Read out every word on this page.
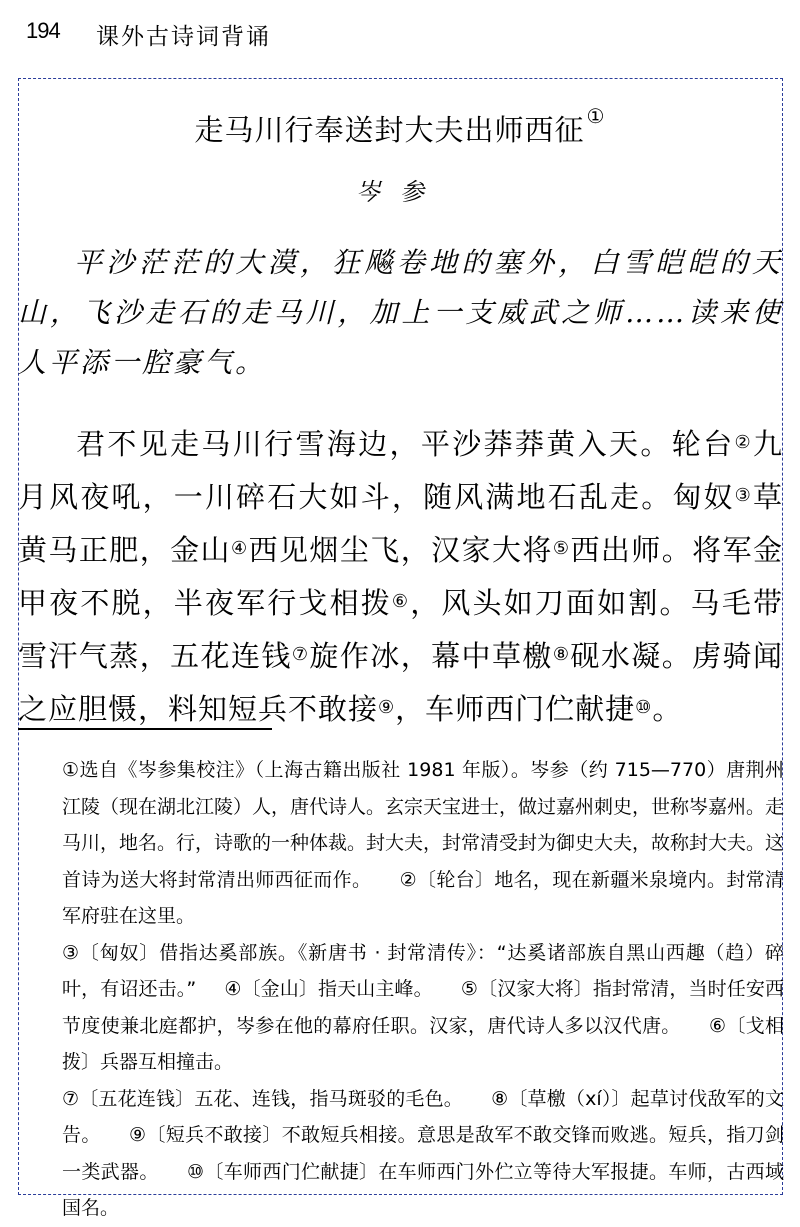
194 课外古诗词背诵
走马川行奉送封大夫出师西征 ①
岑参

平沙茫茫的大漠，狂飚卷地的塞外，白雪皑皑的天山，飞沙走石的走马川，加上一支威武之师……读来使人平添一腔豪气。

君不见走马川行雪海边，平沙莽莽黄入天。轮台②九月风夜吼，一川碎石大如斗，随风满地石乱走。匈奴③草黄马正肥，金山④西见烟尘飞，汉家大将⑤西出师。将军金甲夜不脱，半夜军行戈相拨⑥，风头如刀面如割。马毛带雪汗气蒸，五花连钱⑦旋作冰，幕中草檄⑧砚水凝。虏骑闻之应胆慑，料知短兵不敢接⑨，车师西门伫献捷⑩。

①选自《岑参集校注》（上海古籍出版社 1981 年版）。岑参（约 715—770）唐荆州江陵（现在湖北江陵）人，唐代诗人。玄宗天宝进士，做过嘉州刺史，世称岑嘉州。走马川，地名。行，诗歌的一种体裁。封大夫，封常清受封为御史大夫，故称封大夫。这首诗为送大将封常清出师西征而作。 ②〔轮台〕地名，现在新疆米泉境内。封常清军府驻在这里。

③〔匈奴〕借指达奚部族。《新唐书 · 封常清传》：“达奚诸部族自黑山西趣（趋）碎叶，有诏还击。” ④〔金山〕指天山主峰。 ⑤〔汉家大将〕指封常清，当时任安西节度使兼北庭都护，岑参在他的幕府任职。汉家，唐代诗人多以汉代唐。 ⑥〔戈相拨〕兵器互相撞击。

⑦〔五花连钱〕五花、连钱，指马斑驳的毛色。 ⑧〔草檄（xí）〕起草讨伐敌军的文告。 ⑨〔短兵不敢接〕不敢短兵相接。意思是敌军不敢交锋而败逃。短兵，指刀剑一类武器。 ⑩〔车师西门伫献捷〕在车师西门外伫立等待大军报捷。车师，古西域国名。
